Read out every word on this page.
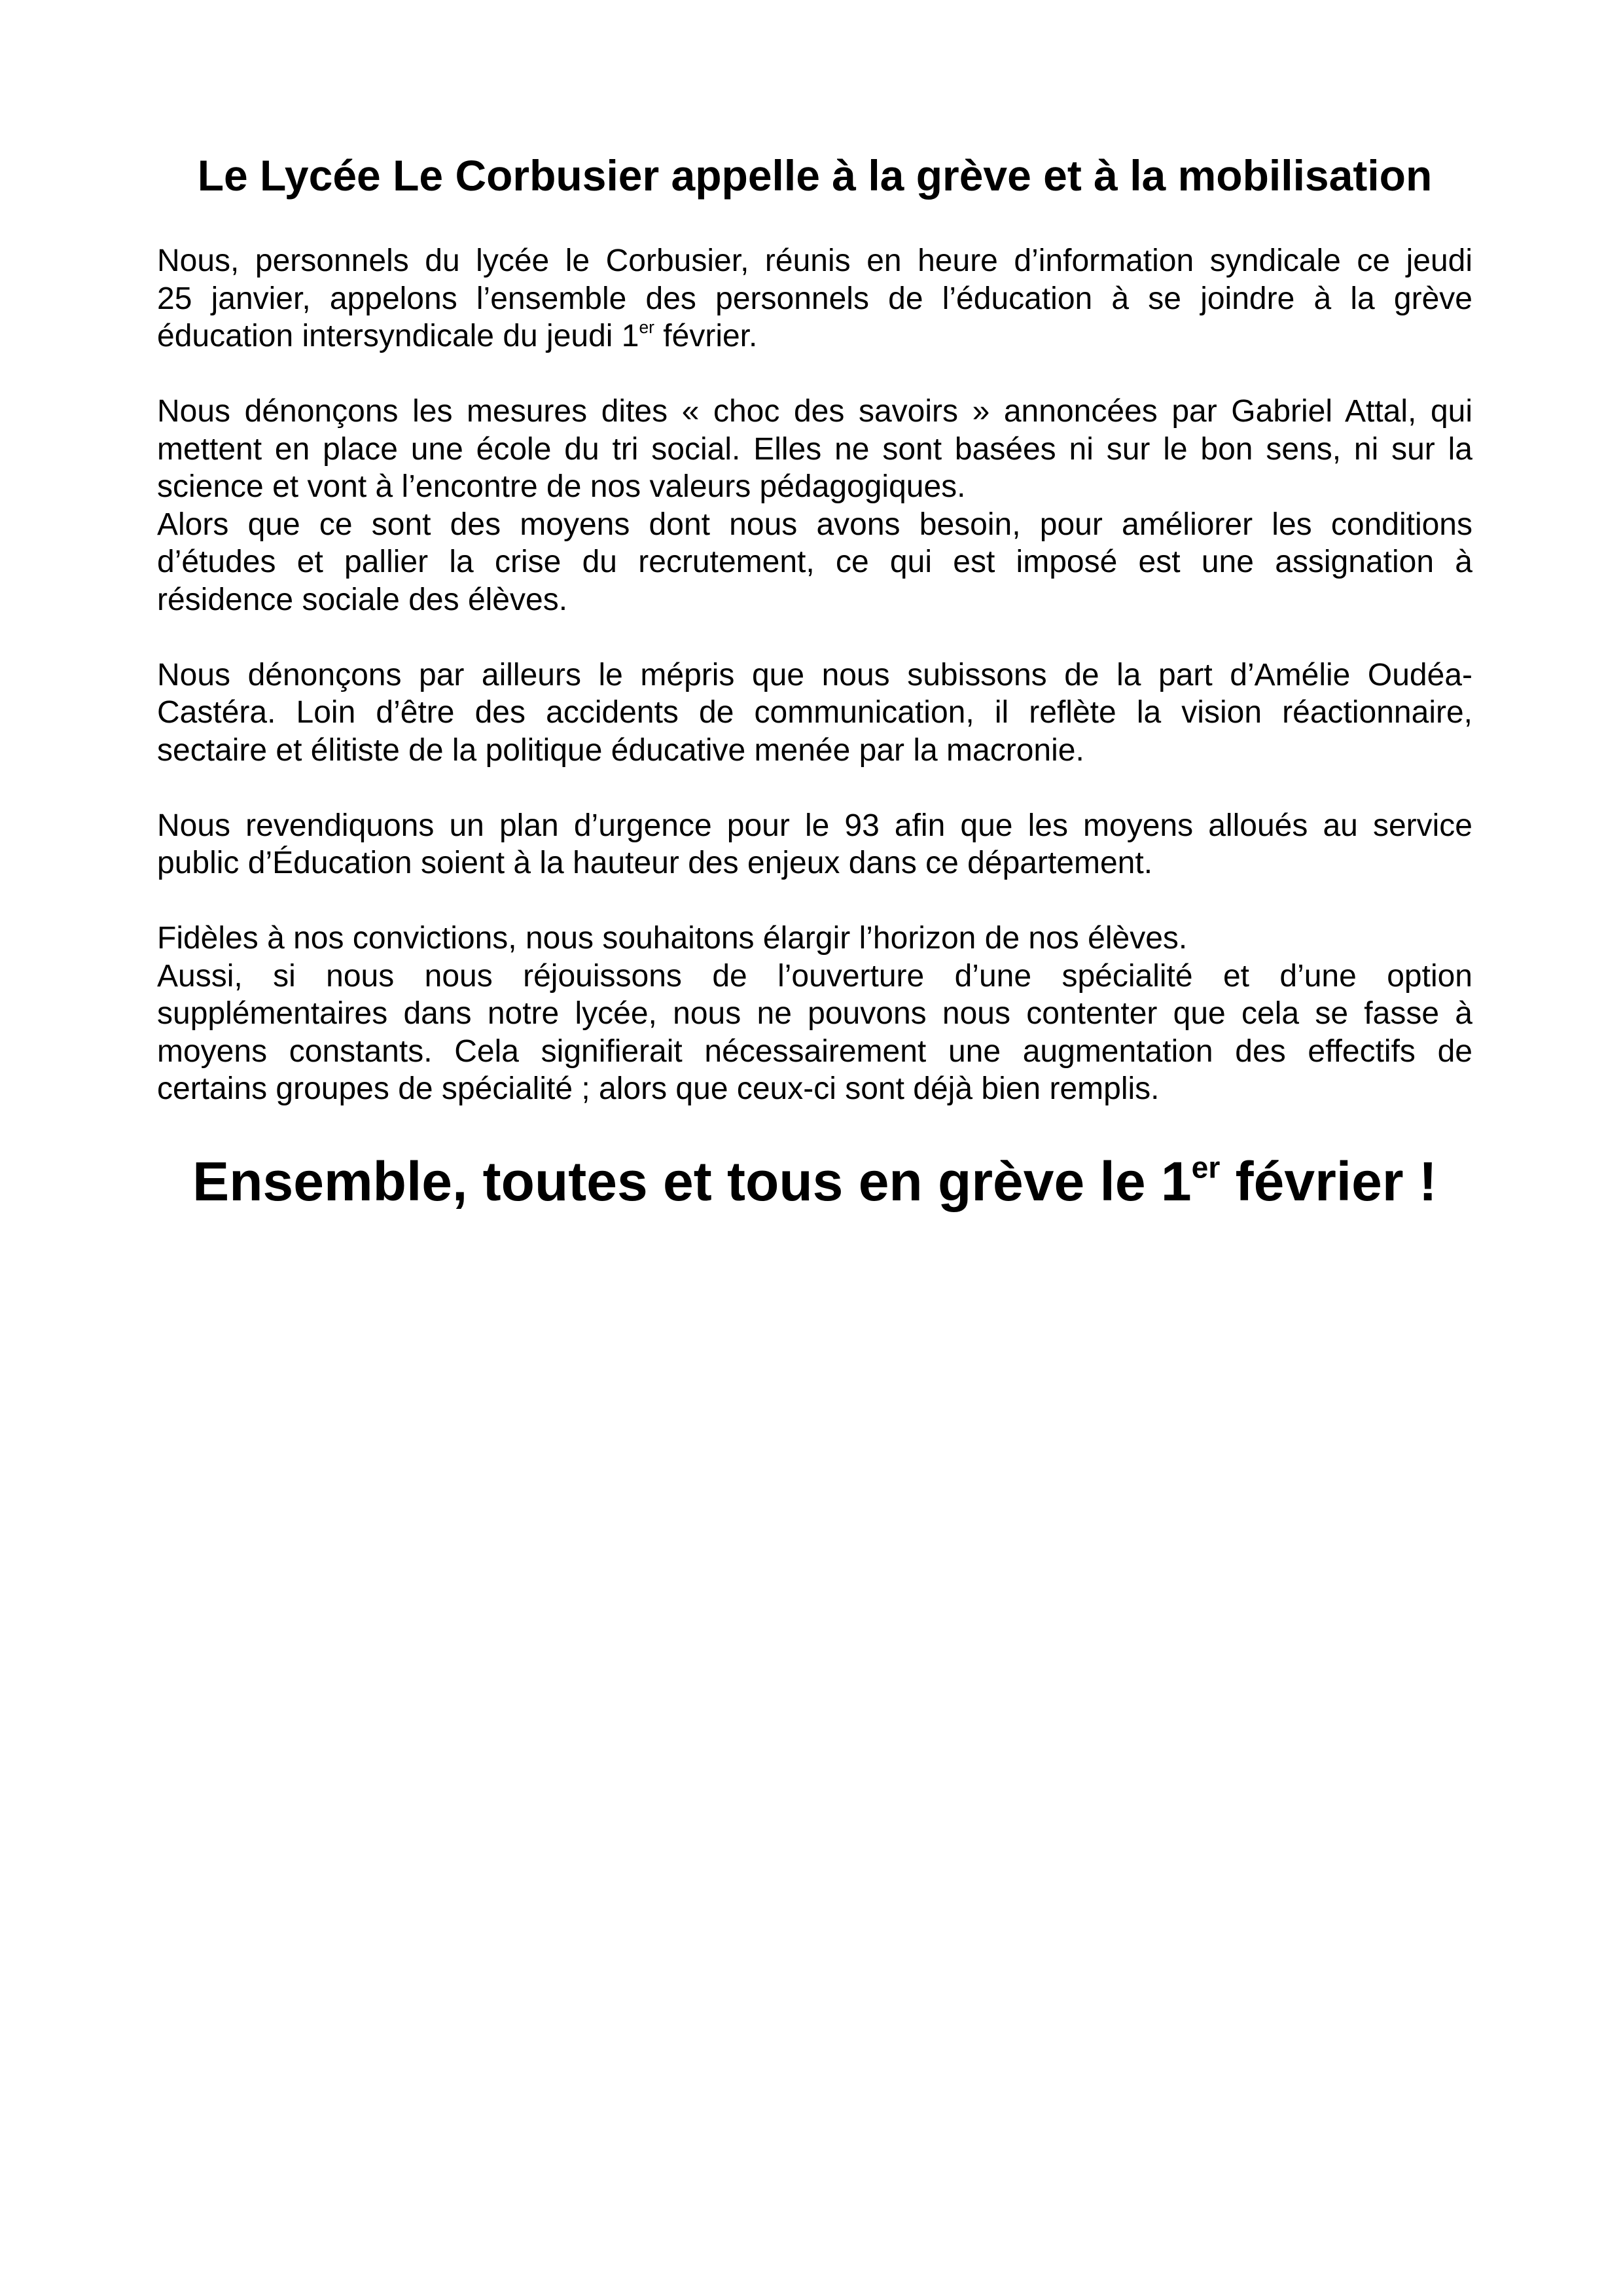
Le Lycée Le Corbusier appelle à la grève et à la mobilisation

Nous, personnels du lycée le Corbusier, réunis en heure d’information syndicale ce jeudi
25 janvier, appelons l’ensemble des personnels de l’éducation à se joindre à la grève
éducation intersyndicale du jeudi 1er février.

Nous dénonçons les mesures dites « choc des savoirs » annoncées par Gabriel Attal, qui
mettent en place une école du tri social. Elles ne sont basées ni sur le bon sens, ni sur la
science et vont à l’encontre de nos valeurs pédagogiques.

Alors que ce sont des moyens dont nous avons besoin, pour améliorer les conditions
d’études et pallier la crise du recrutement, ce qui est imposé est une assignation à
résidence sociale des élèves.

Nous dénonçons par ailleurs le mépris que nous subissons de la part d’Amélie Oudéa-
Castéra. Loin d’être des accidents de communication, il reflète la vision réactionnaire,
sectaire et élitiste de la politique éducative menée par la macronie.

Nous revendiquons un plan d’urgence pour le 93 afin que les moyens alloués au service
public d’Éducation soient à la hauteur des enjeux dans ce département.

Fidèles à nos convictions, nous souhaitons élargir l’horizon de nos élèves.

Aussi, si nous nous réjouissons de l’ouverture d’une spécialité et d’une option
supplémentaires dans notre lycée, nous ne pouvons nous contenter que cela se fasse à
moyens constants. Cela signifierait nécessairement une augmentation des effectifs de
certains groupes de spécialité ; alors que ceux-ci sont déjà bien remplis.

Ensemble, toutes et tous en grève le 1er février !
